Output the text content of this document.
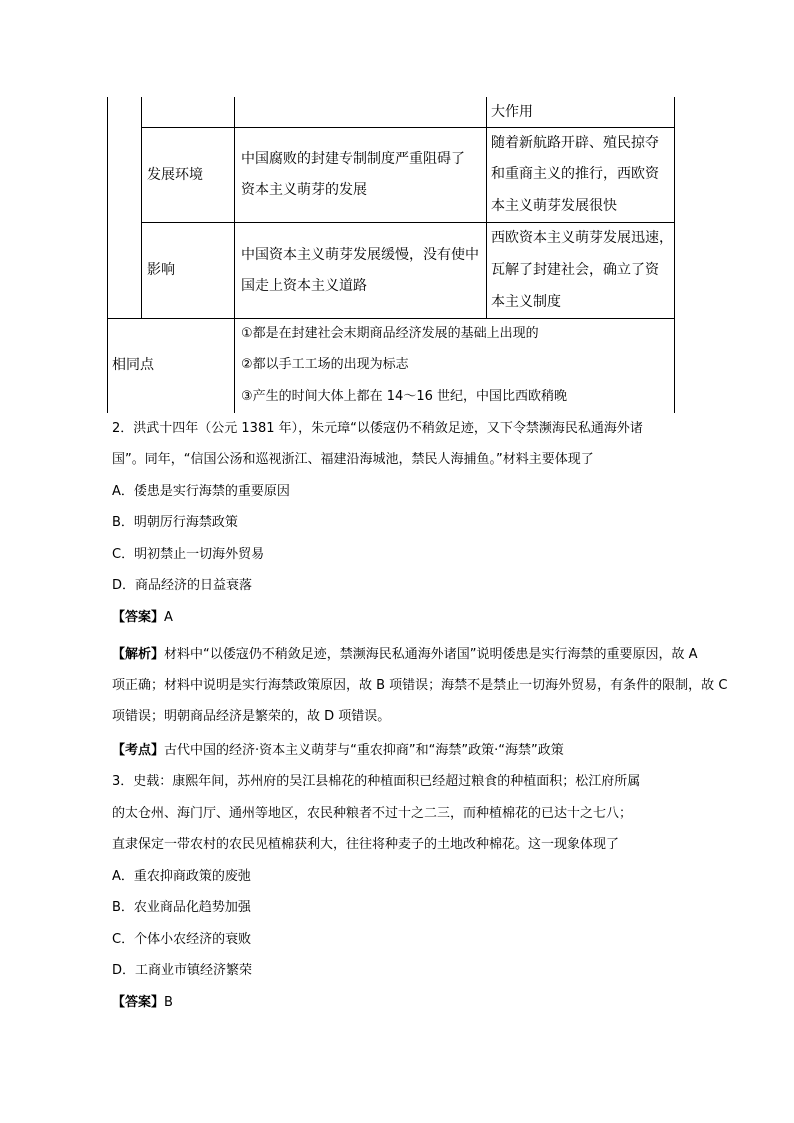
大作用
发展环境
中国腐败的封建专制制度严重阻碍了
资本主义萌芽的发展
随着新航路开辟、殖民掠夺
和重商主义的推行，西欧资
本主义萌芽发展很快
影响
中国资本主义萌芽发展缓慢，没有使中
国走上资本主义道路
西欧资本主义萌芽发展迅速，
瓦解了封建社会，确立了资
本主义制度
相同点
①都是在封建社会末期商品经济发展的基础上出现的
②都以手工工场的出现为标志
③产生的时间大体上都在 14～16 世纪，中国比西欧稍晚
2．洪武十四年（公元 1381 年），朱元璋“以倭寇仍不稍敛足迹，又下令禁濒海民私通海外诸
国”。同年，“信国公汤和巡视浙江、福建沿海城池，禁民人海捕鱼。”材料主要体现了
A．倭患是实行海禁的重要原因
B．明朝厉行海禁政策
C．明初禁止一切海外贸易
D．商品经济的日益衰落
【答案】A
【解析】材料中“以倭寇仍不稍敛足迹，禁濒海民私通海外诸国”说明倭患是实行海禁的重要原因，故 A
项正确；材料中说明是实行海禁政策原因，故 B 项错误；海禁不是禁止一切海外贸易，有条件的限制，故 C
项错误；明朝商品经济是繁荣的，故 D 项错误。
【考点】古代中国的经济·资本主义萌芽与“重农抑商”和“海禁”政策·“海禁”政策
3．史载：康熙年间，苏州府的吴江县棉花的种植面积已经超过粮食的种植面积；松江府所属
的太仓州、海门厅、通州等地区，农民种粮者不过十之二三，而种植棉花的已达十之七八；
直隶保定一带农村的农民见植棉获利大，往往将种麦子的土地改种棉花。这一现象体现了
A．重农抑商政策的废弛
B．农业商品化趋势加强
C．个体小农经济的衰败
D．工商业市镇经济繁荣
【答案】B
